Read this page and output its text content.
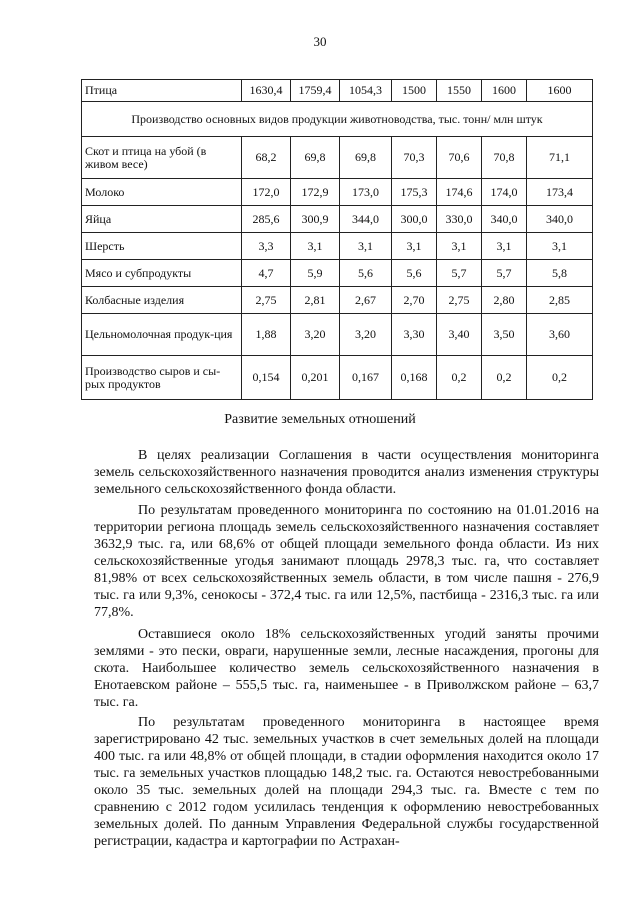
30
Птица	1630,4	1759,4	1054,3	1500	1550	1600	1600
Производство основных видов продукции животноводства, тыс. тонн/ млн штук							
Скот и птица на убой (в живом весе)	68,2	69,8	69,8	70,3	70,6	70,8	71,1
Молоко	172,0	172,9	173,0	175,3	174,6	174,0	173,4
Яйца	285,6	300,9	344,0	300,0	330,0	340,0	340,0
Шерсть	3,3	3,1	3,1	3,1	3,1	3,1	3,1
Мясо и субпродукты	4,7	5,9	5,6	5,6	5,7	5,7	5,8
Колбасные изделия	2,75	2,81	2,67	2,70	2,75	2,80	2,85
Цельномолочная продук-ция	1,88	3,20	3,20	3,30	3,40	3,50	3,60
Производство сыров и сы-рых продуктов	0,154	0,201	0,167	0,168	0,2	0,2	0,2
Развитие земельных отношений

В целях реализации Соглашения в части осуществления мониторинга земель сельскохозяйственного назначения проводится анализ изменения структуры земельного сельскохозяйственного фонда области.

По результатам проведенного мониторинга по состоянию на 01.01.2016 на территории региона площадь земель сельскохозяйственного назначения составляет 3632,9 тыс. га, или 68,6% от общей площади земельного фонда области. Из них сельскохозяйственные угодья занимают площадь 2978,3 тыс. га, что составляет 81,98% от всех сельскохозяйственных земель области, в том числе пашня - 276,9 тыс. га или 9,3%, сенокосы - 372,4 тыс. га или 12,5%, пастбища - 2316,3 тыс. га или 77,8%.

Оставшиеся около 18% сельскохозяйственных угодий заняты прочими землями - это пески, овраги, нарушенные земли, лесные насаждения, прогоны для скота. Наибольшее количество земель сельскохозяйственного назначения в Енотаевском районе – 555,5 тыс. га, наименьшее - в Приволжском районе – 63,7 тыс. га.

По результатам проведенного мониторинга в настоящее время зарегистрировано 42 тыс. земельных участков в счет земельных долей на площади 400 тыс. га или 48,8% от общей площади, в стадии оформления находится около 17 тыс. га земельных участков площадью 148,2 тыс. га. Остаются невостребованными около 35 тыс. земельных долей на площади 294,3 тыс. га. Вместе с тем по сравнению с 2012 годом усилилась тенденция к оформлению невостребованных земельных долей. По данным Управления Федеральной службы государственной регистрации, кадастра и картографии по Астрахан-
